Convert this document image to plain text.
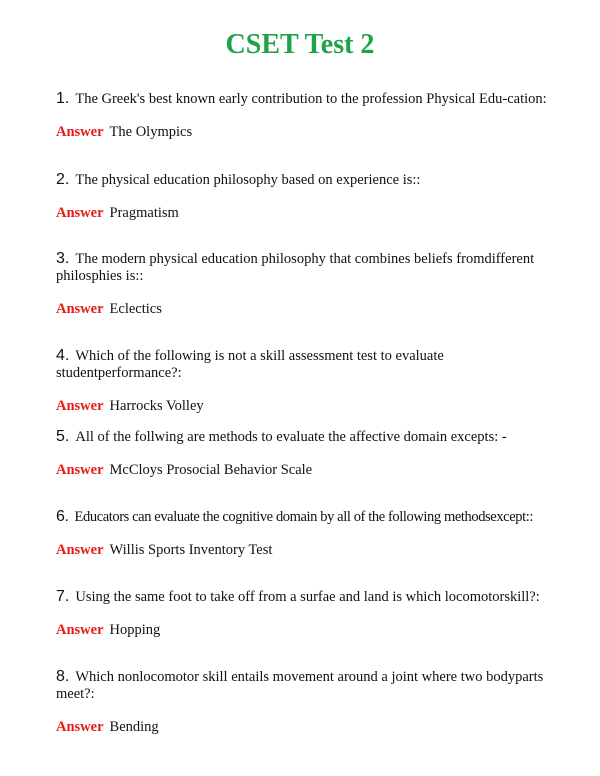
CSET Test 2
1. The Greek's best known early contribution to the profession Physical Edu-cation:
Answer The Olympics
2. The physical education philosophy based on experience is::
Answer Pragmatism
3. The modern physical education philosophy that combines beliefs fromdifferent philosphies is::
Answer Eclectics
4. Which of the following is not a skill assessment test to evaluate studentperformance?:
Answer Harrocks Volley
5. All of the follwing are methods to evaluate the affective domain excepts: -
Answer McCloys Prosocial Behavior Scale
6. Educators can evaluate the cognitive domain by all of the following methodsexcept::
Answer Willis Sports Inventory Test
7. Using the same foot to take off from a surfae and land is which locomotorskill?:
Answer Hopping
8. Which nonlocomotor skill entails movement around a joint where two bodyparts meet?:
Answer Bending
